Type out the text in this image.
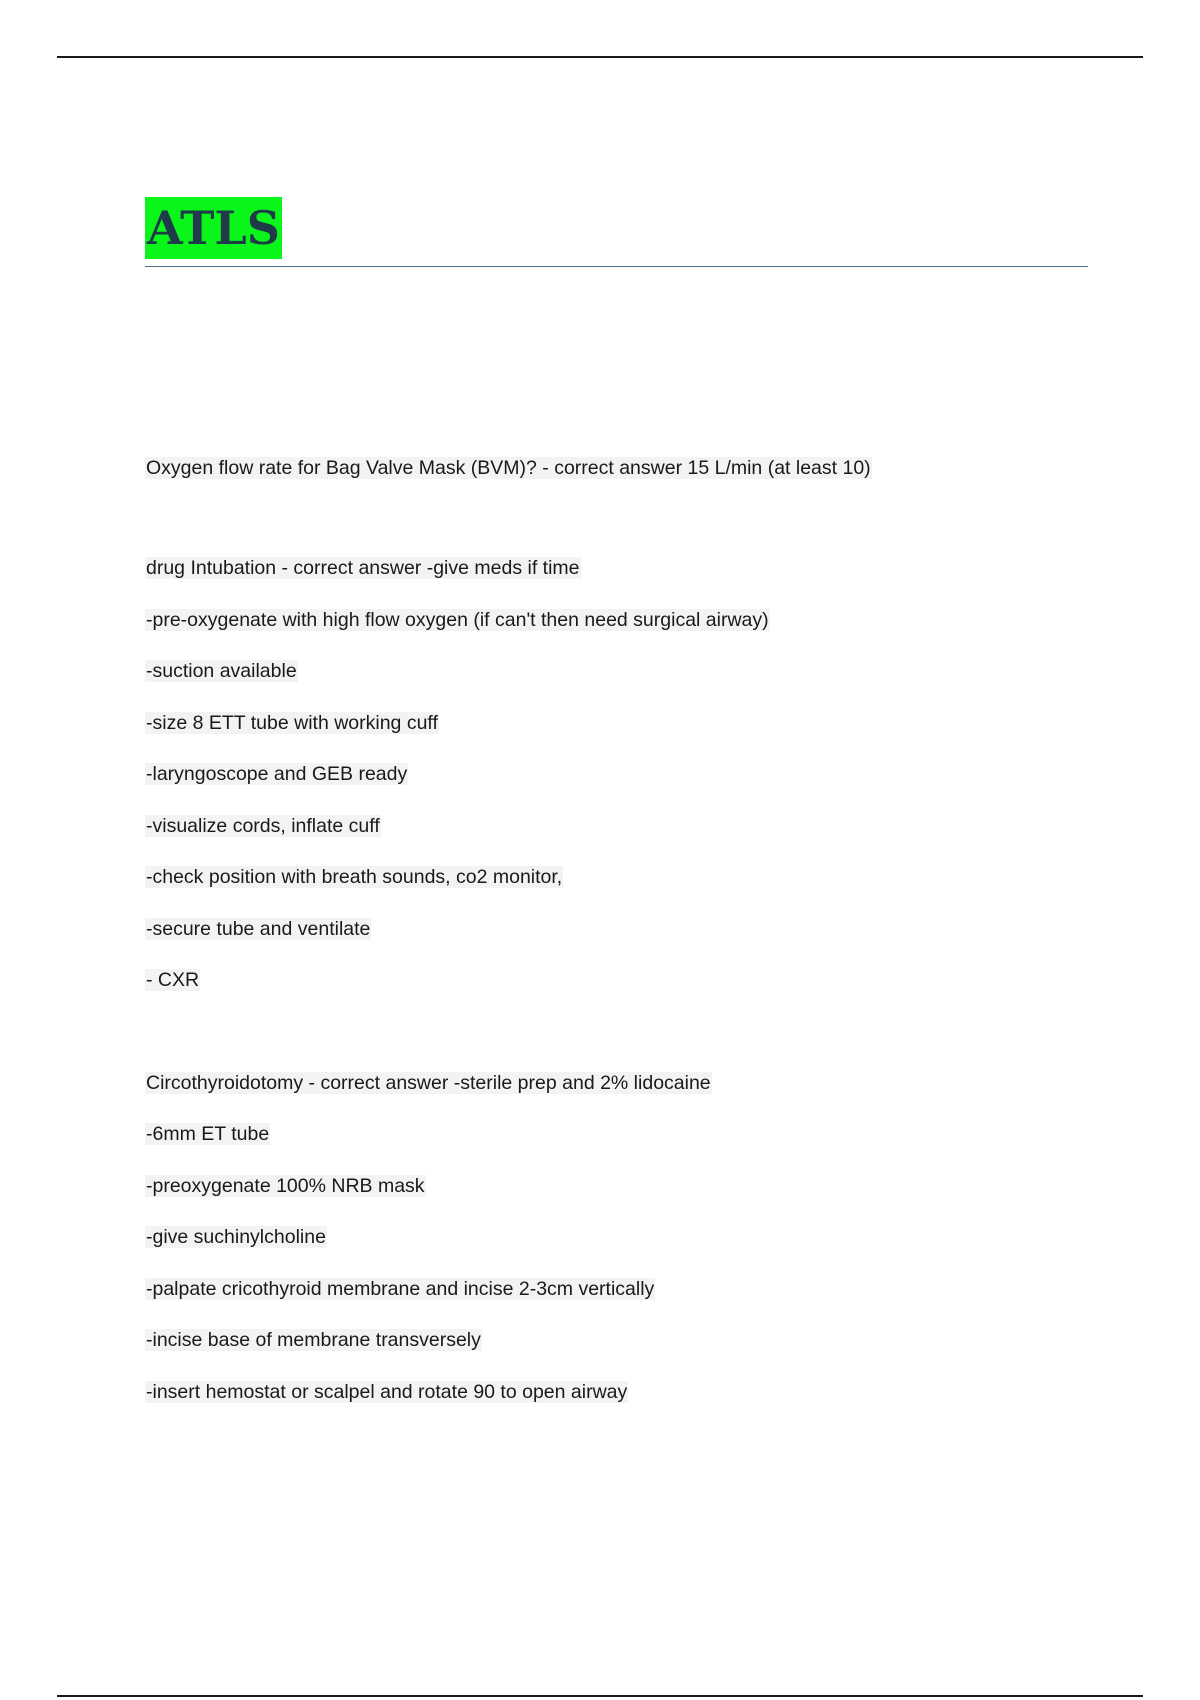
ATLS
Oxygen flow rate for Bag Valve Mask (BVM)? - correct answer 15 L/min (at least 10)
drug Intubation - correct answer -give meds if time
-pre-oxygenate with high flow oxygen (if can't then need surgical airway)
-suction available
-size 8 ETT tube with working cuff
-laryngoscope and GEB ready
-visualize cords, inflate cuff
-check position with breath sounds, co2 monitor,
-secure tube and ventilate
- CXR
Circothyroidotomy - correct answer -sterile prep and 2% lidocaine
-6mm ET tube
-preoxygenate 100% NRB mask
-give suchinylcholine
-palpate cricothyroid membrane and incise 2-3cm vertically
-incise base of membrane transversely
-insert hemostat or scalpel and rotate 90 to open airway
